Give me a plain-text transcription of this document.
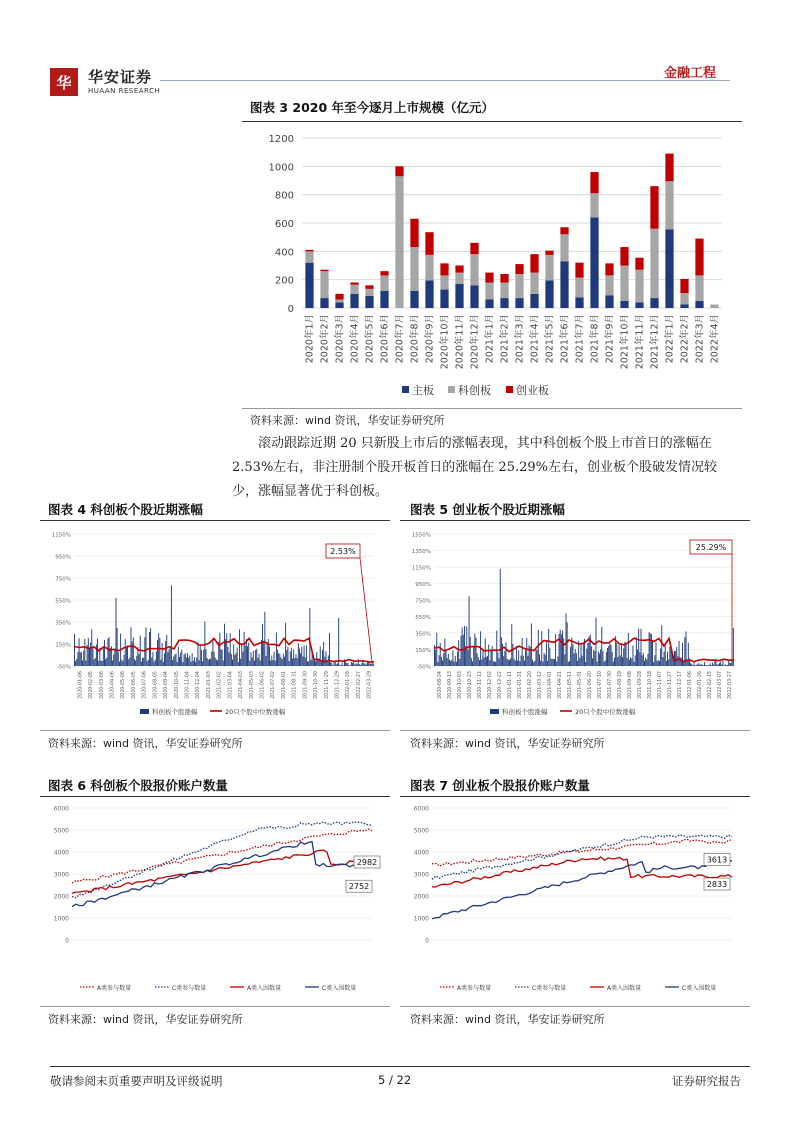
华 华安证券
HUAAN RESEARCH
金融工程
图表 3 2020 年至今逐月上市规模（亿元）
2020年1月 2020年2月 2020年3月 2020年4月 2020年5月 2020年6月 2020年7月 2020年8月 2020年9月 2020年10月 2020年11月 2020年12月 2021年1月 2021年2月 2021年3月 2021年4月 2021年5月 2021年6月 2021年7月 2021年8月 2021年9月 2021年10月 2021年11月 2021年12月 2022年1月 2022年2月 2022年3月 2022年4月
0
200
400
600
800
1000
1200
主板 科创板 创业板
资料来源：wind 资讯，华安证券研究所

滚动跟踪近期 20 只新股上市后的涨幅表现，其中科创板个股上市首日的涨幅在 2.53%左右，非注册制个股开板首日的涨幅在 25.29%左右，创业板个股破发情况较少，涨幅显著优于科创板。

图表 4 科创板个股近期涨幅
1150%
950%
750%
550%
350%
150%
-50%
2.53%
2020-01-06 2020-02-05 2020-03-06 2020-04-06 2020-05-06 2020-06-05 2020-07-06 2020-08-05 2020-09-04 2020-10-05 2020-11-04 2020-12-04 2021-01-03 2021-02-02 2021-03-04 2021-04-03 2021-05-03 2021-06-02 2021-07-02 2021-08-01 2021-08-31 2021-09-30 2021-10-30 2021-11-29 2021-12-29 2022-01-28 2022-02-27 2022-03-29
科创板个股涨幅	20只个股中位数涨幅
资料来源：wind 资讯，华安证券研究所
图表 5 创业板个股近期涨幅
1550%
1350%
1150%
950%
750%
550%
350%
150%
-50%
25.29%
2020-08-24 2020-09-13 2020-10-03 2020-10-23 2020-11-12 2020-12-02 2020-12-22 2021-01-11 2021-01-31 2021-02-20 2021-03-12 2021-04-01 2021-04-21 2021-05-11 2021-05-31 2021-06-20 2021-07-10 2021-07-30 2021-08-19 2021-09-08 2021-09-28 2021-10-18 2021-11-07 2021-11-27 2021-12-17 2022-01-06 2022-01-26 2022-02-15 2022-03-07 2022-03-27
科创板个股涨幅	20只个股中位数涨幅
资料来源：wind 资讯，华安证券研究所
图表 6 科创板个股报价账户数量
6000
5000
4000
3000
2000
1000
0
2982
2752
A类参与数量	C类参与数量	A类入围数量	C类入围数量
资料来源：wind 资讯，华安证券研究所
图表 7 创业板个股报价账户数量
6000
5000
4000
3000
2000
1000
0
3613
2833
A类参与数量	C类参与数量	A类入围数量	C类入围数量
资料来源：wind 资讯，华安证券研究所
敬请参阅末页重要声明及评级说明	5 / 22	证券研究报告
